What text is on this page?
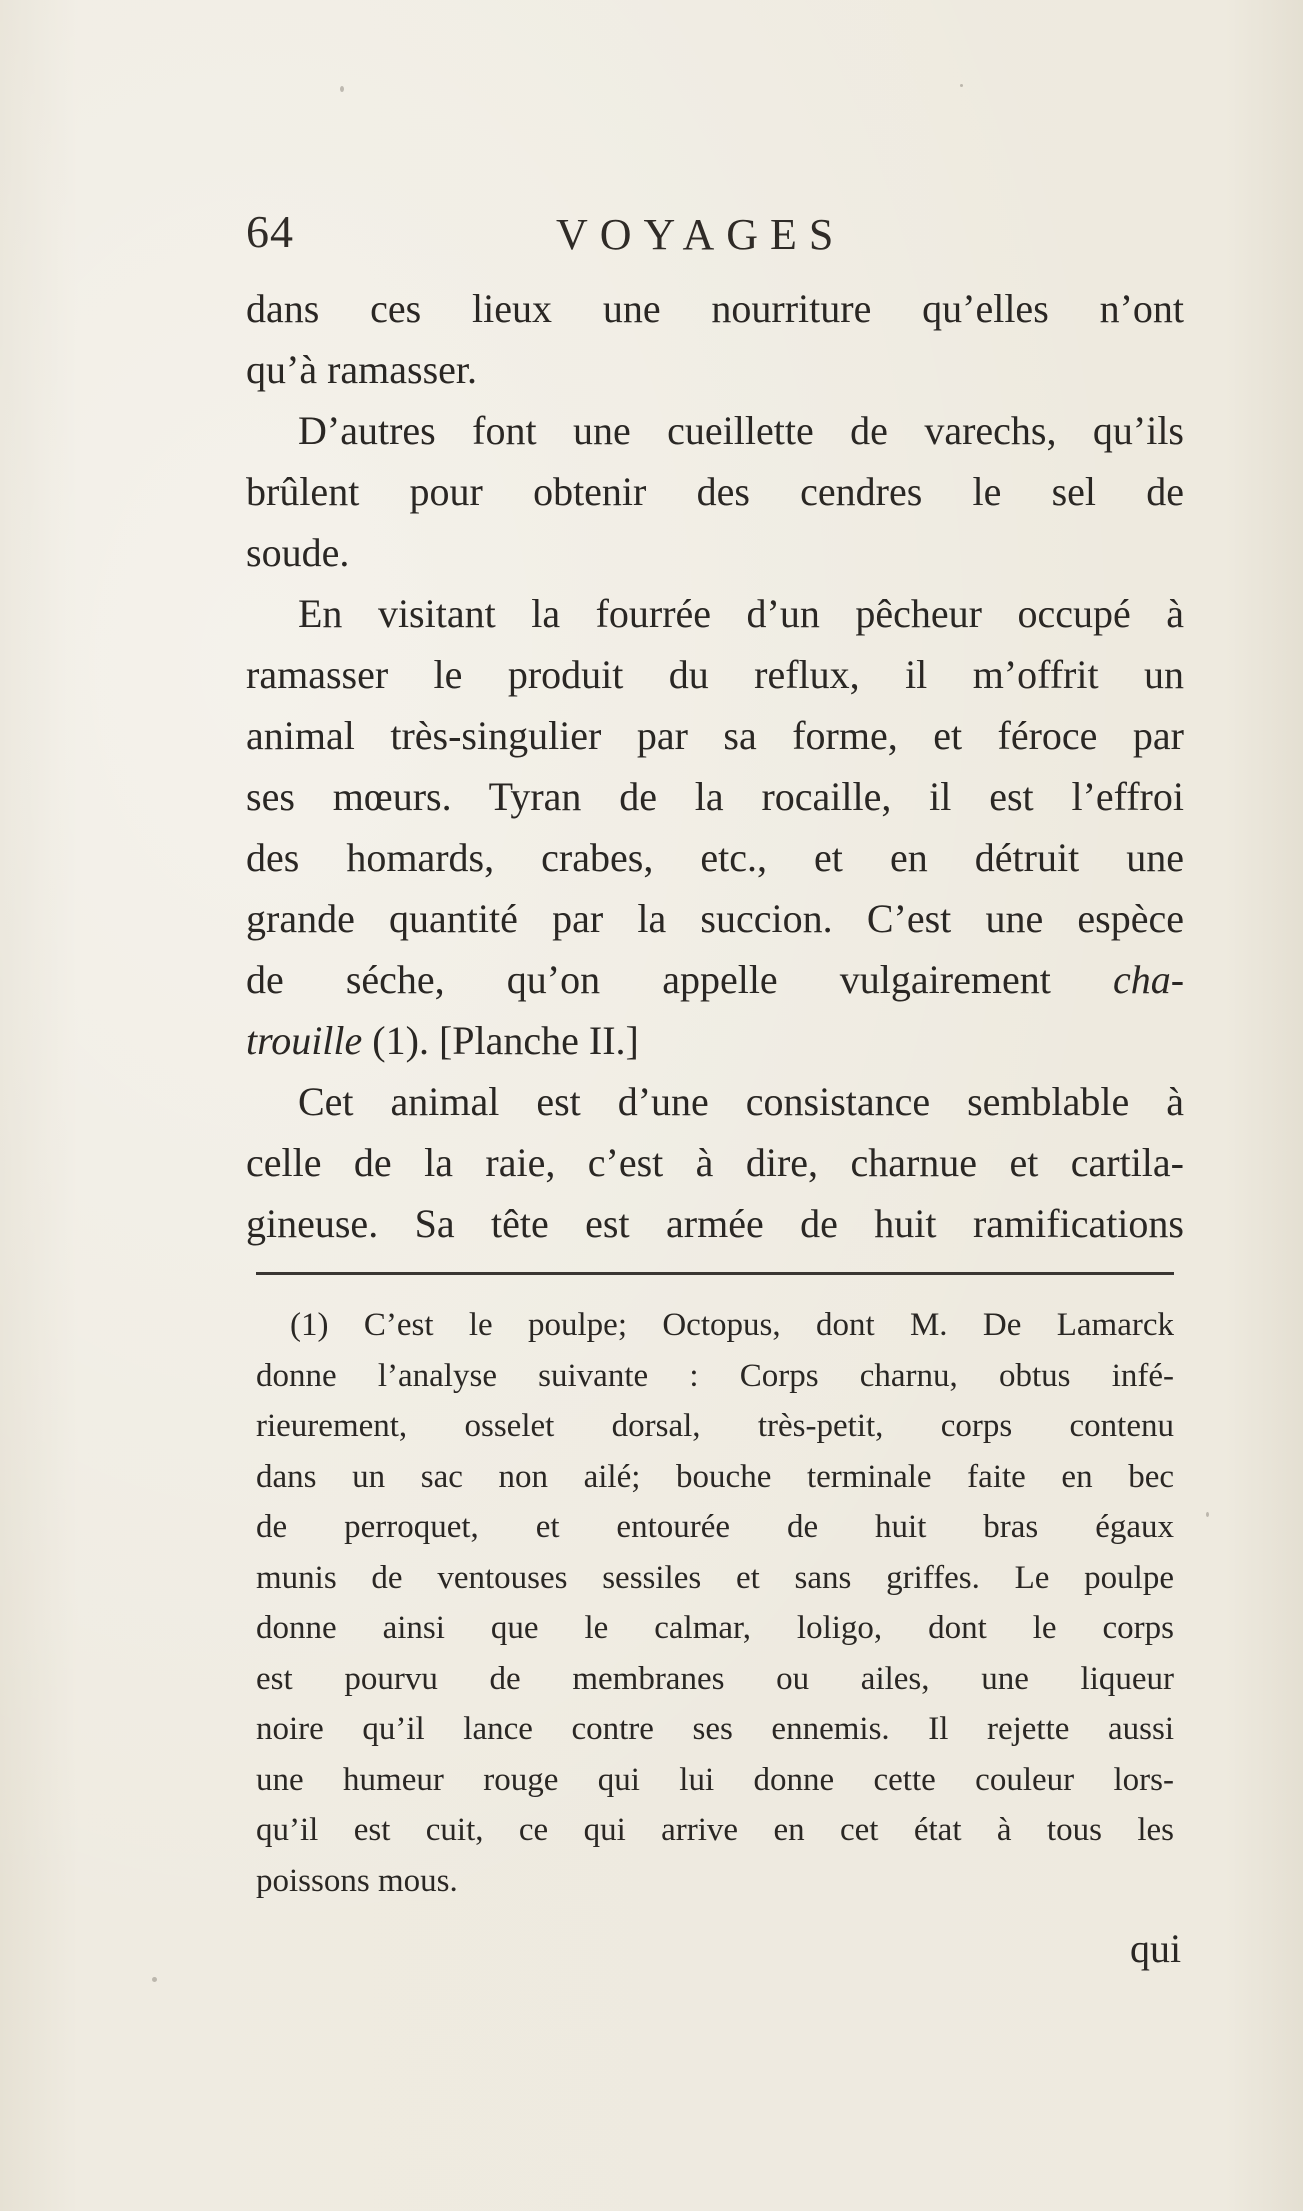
64	VOYAGES
dans ces lieux une nourriture qu’elles n’ont
qu’à ramasser.
D’autres font une cueillette de varechs, qu’ils
brûlent pour obtenir des cendres le sel de
soude.
En visitant la fourrée d’un pêcheur occupé à
ramasser le produit du reflux, il m’offrit un
animal très-singulier par sa forme, et féroce par
ses mœurs. Tyran de la rocaille, il est l’effroi
des homards, crabes, etc., et en détruit une
grande quantité par la succion. C’est une espèce
de séche, qu’on appelle vulgairement cha-
trouille (1). [Planche II.]
Cet animal est d’une consistance semblable à
celle de la raie, c’est à dire, charnue et cartila-
gineuse. Sa tête est armée de huit ramifications
(1) C’est le poulpe; Octopus, dont M. De Lamarck
donne l’analyse suivante : Corps charnu, obtus infé-
rieurement, osselet dorsal, très-petit, corps contenu
dans un sac non ailé; bouche terminale faite en bec
de perroquet, et entourée de huit bras égaux
munis de ventouses sessiles et sans griffes. Le poulpe
donne ainsi que le calmar, loligo, dont le corps
est pourvu de membranes ou ailes, une liqueur
noire qu’il lance contre ses ennemis. Il rejette aussi
une humeur rouge qui lui donne cette couleur lors-
qu’il est cuit, ce qui arrive en cet état à tous les
poissons mous.
qui
